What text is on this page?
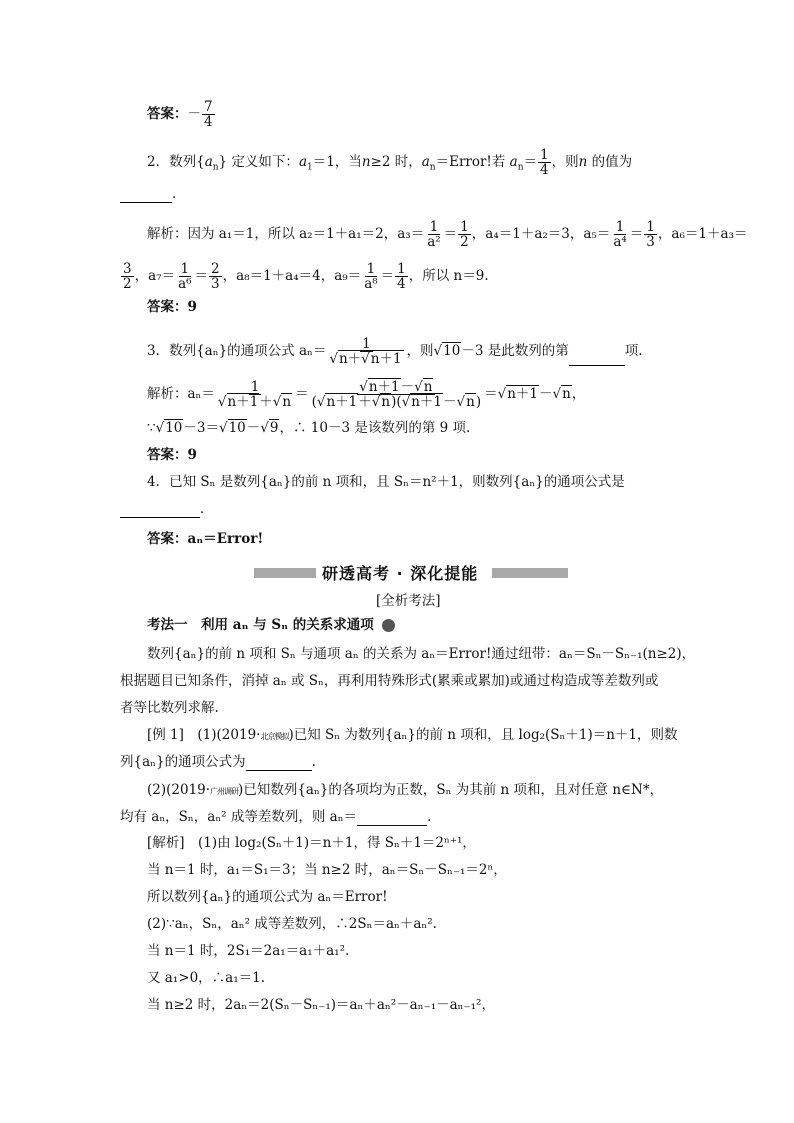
答案：－ $\frac{7}{4}$
2．数列$\{a_n\}$ 定义如下：$a_1=1$，当n≥2 时，$a_n=Error$!若 $a_n= \frac{1}{4}$ ，则n 的值为
．
解析：因为 a₁＝1，所以 a₂＝1＋a₁＝2，$a_3= \frac{1}{\text{a²}} = \frac{1}{2}$ ，a₄＝1＋a₂＝3，$a_5= \frac{1}{\text{a⁴}} = \frac{1}{3}$ ，a₆＝1＋a₃＝
$\frac{3}{2}$ ，$a_7= \frac{1}{\text{a⁶}} = \frac{2}{3}$ ，a₈＝1＋a₄＝4，$a_9= \frac{1}{\text{a⁸}} = \frac{1}{4}$ ，所以 n＝9.
答案：9
3．数列{aₙ}的通项公式 $a_n= \frac{1}{√n+√n+1}$ ，则√10－3 是此数列的第	项.
解析：$a_n= \frac{1}{√n+1+√n} = \frac{√n+1-√n}{(√n+1+√n)(√n+1-√n)} =√n+1-√n$，
∵√10－3＝√10－√9，∴ 10－3 是该数列的第 9 项.
答案：9
4．已知 Sₙ 是数列{aₙ}的前 n 项和，且 Sₙ＝n²＋1，则数列{aₙ}的通项公式是
．
答案：aₙ＝Error!
研透高考 · 深化提能
[全析考法]
考法一　利用 aₙ 与 Sₙ 的关系求通项
数列{aₙ}的前 n 项和 Sₙ 与通项 aₙ 的关系为 aₙ＝Error!通过纽带：aₙ＝Sₙ－Sₙ₋₁(n≥2)，
根据题目已知条件，消掉 aₙ 或 Sₙ，再利用特殊形式(累乘或累加)或通过构造成等差数列或
者等比数列求解.
[例 1]　(1)(2019·北京模拟)已知 Sₙ 为数列{aₙ}的前 n 项和，且 log₂(Sₙ＋1)＝n＋1，则数
列{aₙ}的通项公式为	.
(2)(2019·广州调研)已知数列{aₙ}的各项均为正数，Sₙ 为其前 n 项和，且对任意 n∈N*，
均有 aₙ，Sₙ，aₙ² 成等差数列，则 aₙ＝	.
[解析]　(1)由 log₂(Sₙ＋1)＝n＋1，得 Sₙ＋1＝2ⁿ⁺¹，
当 n＝1 时，a₁＝S₁＝3；当 n≥2 时，aₙ＝Sₙ－Sₙ₋₁＝2ⁿ，
所以数列{aₙ}的通项公式为 aₙ＝Error!
(2)∵aₙ，Sₙ，aₙ² 成等差数列，∴2Sₙ＝aₙ＋aₙ².
当 n＝1 时，2S₁＝2a₁＝a₁＋a₁².
又 a₁>0，∴a₁＝1.
当 n≥2 时，2aₙ＝2(Sₙ－Sₙ₋₁)＝aₙ＋aₙ²－aₙ₋₁－aₙ₋₁²，
